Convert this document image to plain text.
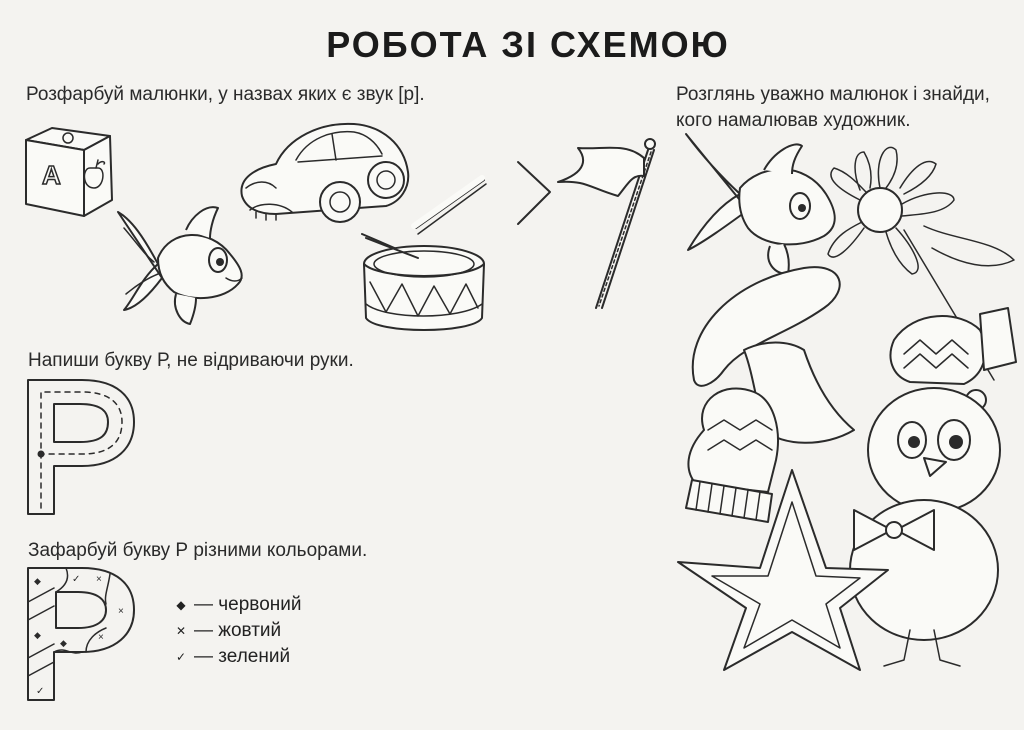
РОБОТА ЗІ СХЕМОЮ
Розфарбуй малюнки, у назвах яких є звук [р].
Напиши букву Р, не відриваючи руки.
Зафарбуй букву Р різними кольорами.
Розглянь уважно малюнок і знайди,
кого намалював художник.
A
◆	✓ ×
◆
×
◆	×
✓
◆ — червоний
✕ — жовтий
✓ — зелений
